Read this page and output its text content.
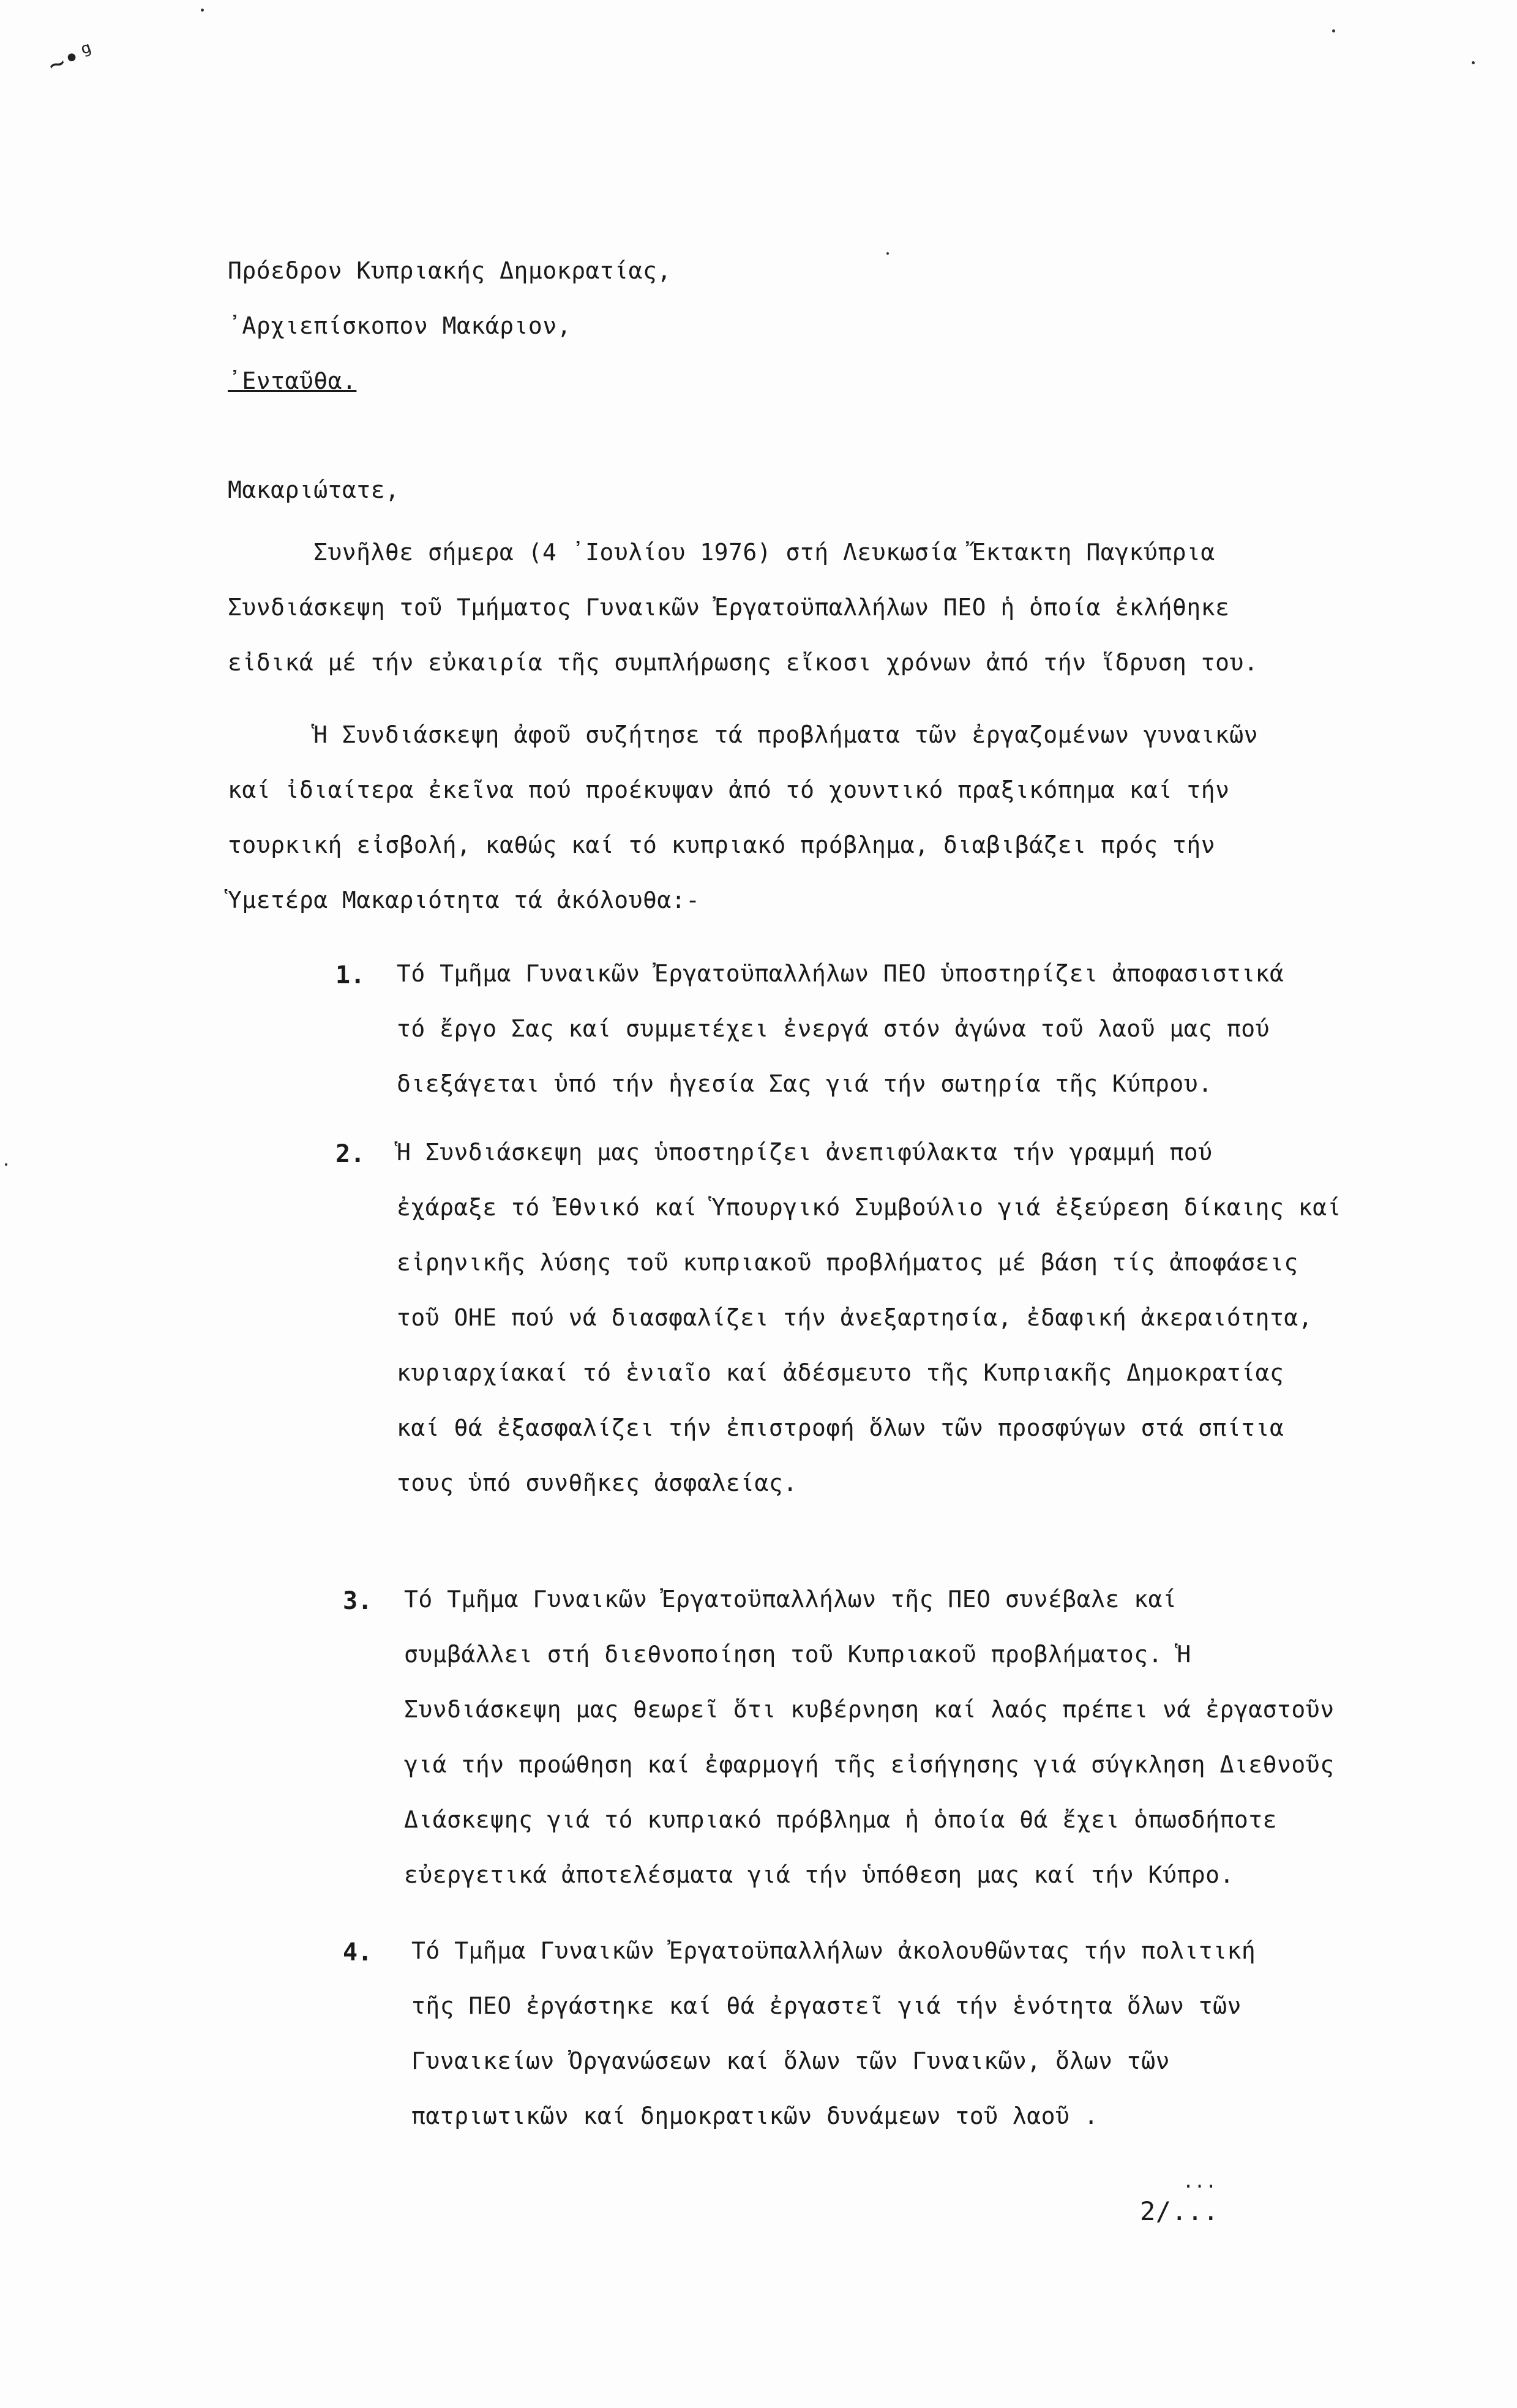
~•ᵍ
Πρόεδρον Κυπριακής Δημοκρατίας,
᾿Αρχιεπίσκοπον Μακάριον,
᾿Ενταῦθα.
Μακαριώτατε,
Συνῆλθε σήμερα (4 ᾿Ιουλίου 1976) στή Λευκωσία Ἔκτακτη Παγκύπρια
Συνδιάσκεψη τοῦ Τμήματος Γυναικῶν Ἐργατοϋπαλλήλων ΠΕΟ ἡ ὁποία ἐκλήθηκε
εἰδικά μέ τήν εὐκαιρία τῆς συμπλήρωσης εἴκοσι χρόνων ἀπό τήν ἵδρυση του.
Ἡ Συνδιάσκεψη ἀφοῦ συζήτησε τά προβλήματα τῶν ἐργαζομένων γυναικῶν
καί ἰδιαίτερα ἐκεῖνα πού προέκυψαν ἀπό τό χουντικό πραξικόπημα καί τήν
τουρκική εἰσβολή, καθώς καί τό κυπριακό πρόβλημα, διαβιβάζει πρός τήν
Ὑμετέρα Μακαριότητα τά ἀκόλουθα:-
1. Τό Τμῆμα Γυναικῶν Ἐργατοϋπαλλήλων ΠΕΟ ὑποστηρίζει ἀποφασιστικά
τό ἔργο Σας καί συμμετέχει ἐνεργά στόν ἀγώνα τοῦ λαοῦ μας πού
διεξάγεται ὑπό τήν ἡγεσία Σας γιά τήν σωτηρία τῆς Κύπρου.
2. Ἡ Συνδιάσκεψη μας ὑποστηρίζει ἀνεπιφύλακτα τήν γραμμή πού
ἐχάραξε τό Ἐθνικό καί Ὑπουργικό Συμβούλιο γιά ἐξεύρεση δίκαιης καί
εἰρηνικῆς λύσης τοῦ κυπριακοῦ προβλήματος μέ βάση τίς ἀποφάσεις
τοῦ ΟΗΕ πού νά διασφαλίζει τήν ἀνεξαρτησία, ἐδαφική ἀκεραιότητα,
κυριαρχίακαί τό ἑνιαῖο καί ἀδέσμευτο τῆς Κυπριακῆς Δημοκρατίας
καί θά ἐξασφαλίζει τήν ἐπιστροφή ὅλων τῶν προσφύγων στά σπίτια
τους ὑπό συνθῆκες ἀσφαλείας.
3. Τό Τμῆμα Γυναικῶν Ἐργατοϋπαλλήλων τῆς ΠΕΟ συνέβαλε καί
συμβάλλει στή διεθνοποίηση τοῦ Κυπριακοῦ προβλήματος. Ἡ
Συνδιάσκεψη μας θεωρεῖ ὅτι κυβέρνηση καί λαός πρέπει νά ἐργαστοῦν
γιά τήν προώθηση καί ἐφαρμογή τῆς εἰσήγησης γιά σύγκληση Διεθνοῦς
Διάσκεψης γιά τό κυπριακό πρόβλημα ἡ ὁποία θά ἔχει ὁπωσδήποτε
εὐεργετικά ἀποτελέσματα γιά τήν ὑπόθεση μας καί τήν Κύπρο.
4. Τό Τμῆμα Γυναικῶν Ἐργατοϋπαλλήλων ἀκολουθῶντας τήν πολιτική
τῆς ΠΕΟ ἐργάστηκε καί θά ἐργαστεῖ γιά τήν ἑνότητα ὅλων τῶν
Γυναικείων Ὀργανώσεων καί ὅλων τῶν Γυναικῶν, ὅλων τῶν
πατριωτικῶν καί δημοκρατικῶν δυνάμεων τοῦ λαοῦ .
...
2/...
